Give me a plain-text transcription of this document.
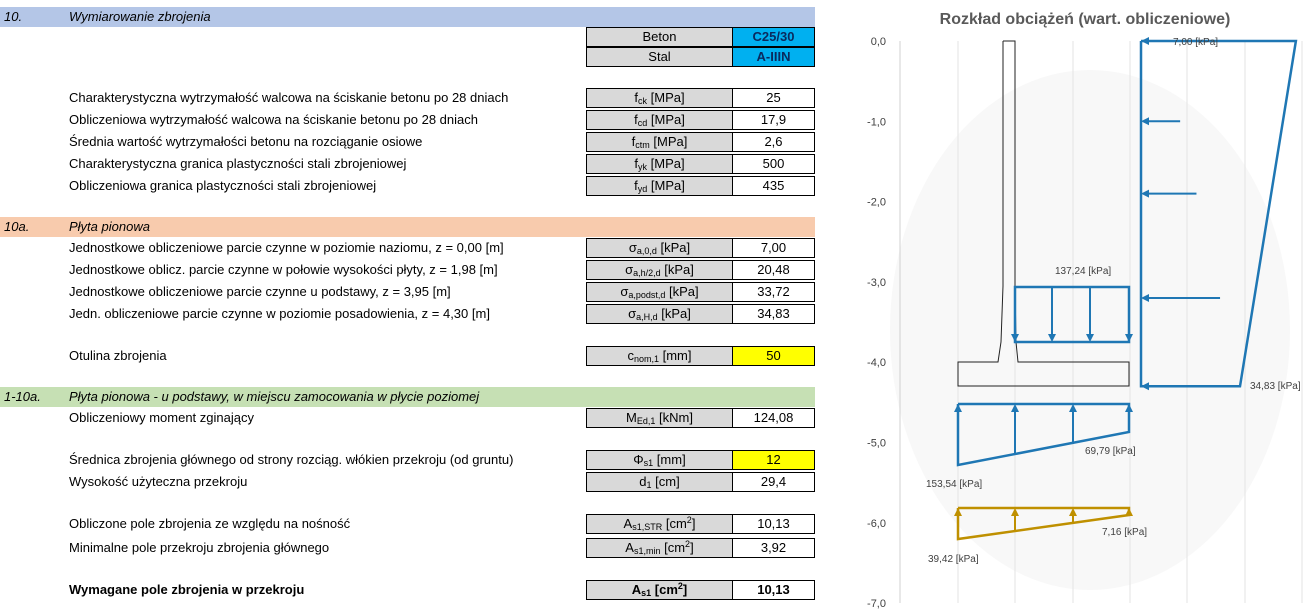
10.	Wymiarowanie zbrojenia
Beton	C25/30
Stal	A-IIIN
Charakterystyczna wytrzymałość walcowa na ściskanie betonu po 28 dniach	$f_{ck}$ [MPa]	25
Obliczeniowa wytrzymałość walcowa na ściskanie betonu po 28 dniach	$f_{cd}$ [MPa]	17,9
Średnia wartość wytrzymałości betonu na rozciąganie osiowe	$f_{ctm}$ [MPa]	2,6
Charakterystyczna granica plastyczności stali zbrojeniowej	$f_{yk}$ [MPa]	500
Obliczeniowa granica plastyczności stali zbrojeniowej	$f_{yd}$ [MPa]	435
10a.	Płyta pionowa
Jednostkowe obliczeniowe parcie czynne w poziomie naziomu, z = 0,00 [m]	$\sigma_{a,0,d}$ [kPa]	7,00
Jednostkowe oblicz. parcie czynne w połowie wysokości płyty, z = 1,98 [m]	$\sigma_{a,h/2,d}$ [kPa]	20,48
Jednostkowe obliczeniowe parcie czynne u podstawy, z = 3,95 [m]	$\sigma_{a,podst,d}$ [kPa]	33,72
Jedn. obliczeniowe parcie czynne w poziomie posadowienia, z = 4,30 [m]	$\sigma_{a,H,d}$ [kPa]	34,83
Otulina zbrojenia	$c_{nom,1}$ [mm]	50
1-10a. Płyta pionowa - u podstawy, w miejscu zamocowania w płycie poziomej
Obliczeniowy moment zginający	$M_{Ed,1}$ [kNm]	124,08
Średnica zbrojenia głównego od strony rozciąg. włókien przekroju (od gruntu)	$\Phi_{s1}$ [mm]	12
Wysokość użyteczna przekroju	$d_1$ [cm]	29,4
Obliczone pole zbrojenia ze względu na nośność	$A_{s1,STR}$ $[cm^2]$	10,13
Minimalne pole przekroju zbrojenia głównego	$A_{s1,min}$ $[cm^2]$	3,92
Wymagane pole zbrojenia w przekroju	$A_{s1}$ $[cm^2]$	10,13
Rozkład obciążeń (wart. obliczeniowe)
0,0
-1,0
-2,0
-3,0
-4,0
-5,0
-6,0
-7,0
7,00 [kPa]
34,83 [kPa]
137,24 [kPa]
69,79 [kPa]
153,54 [kPa]
7,16 [kPa]
39,42 [kPa]
